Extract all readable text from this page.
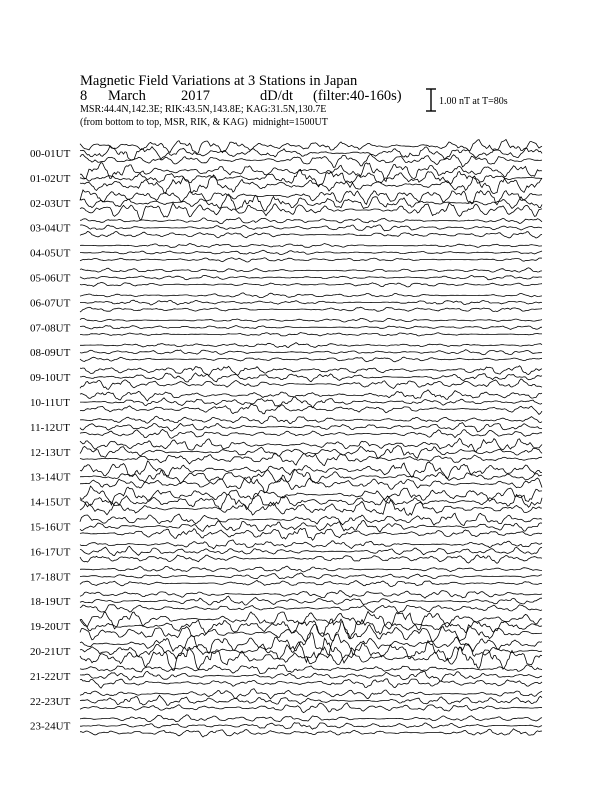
Magnetic Field Variations at 3 Stations in Japan
8 March 2017	dD/dt (filter:40-160s)
MSR:44.4N,142.3E; RIK:43.5N,143.8E; KAG:31.5N,130.7E
(from bottom to top, MSR, RIK, & KAG) midnight=1500UT
1.00 nT at T=80s
00-01UT
01-02UT
02-03UT
03-04UT
04-05UT
05-06UT
06-07UT
07-08UT
08-09UT
09-10UT
10-11UT
11-12UT
12-13UT
13-14UT
14-15UT
15-16UT
16-17UT
17-18UT
18-19UT
19-20UT
20-21UT
21-22UT
22-23UT
23-24UT
